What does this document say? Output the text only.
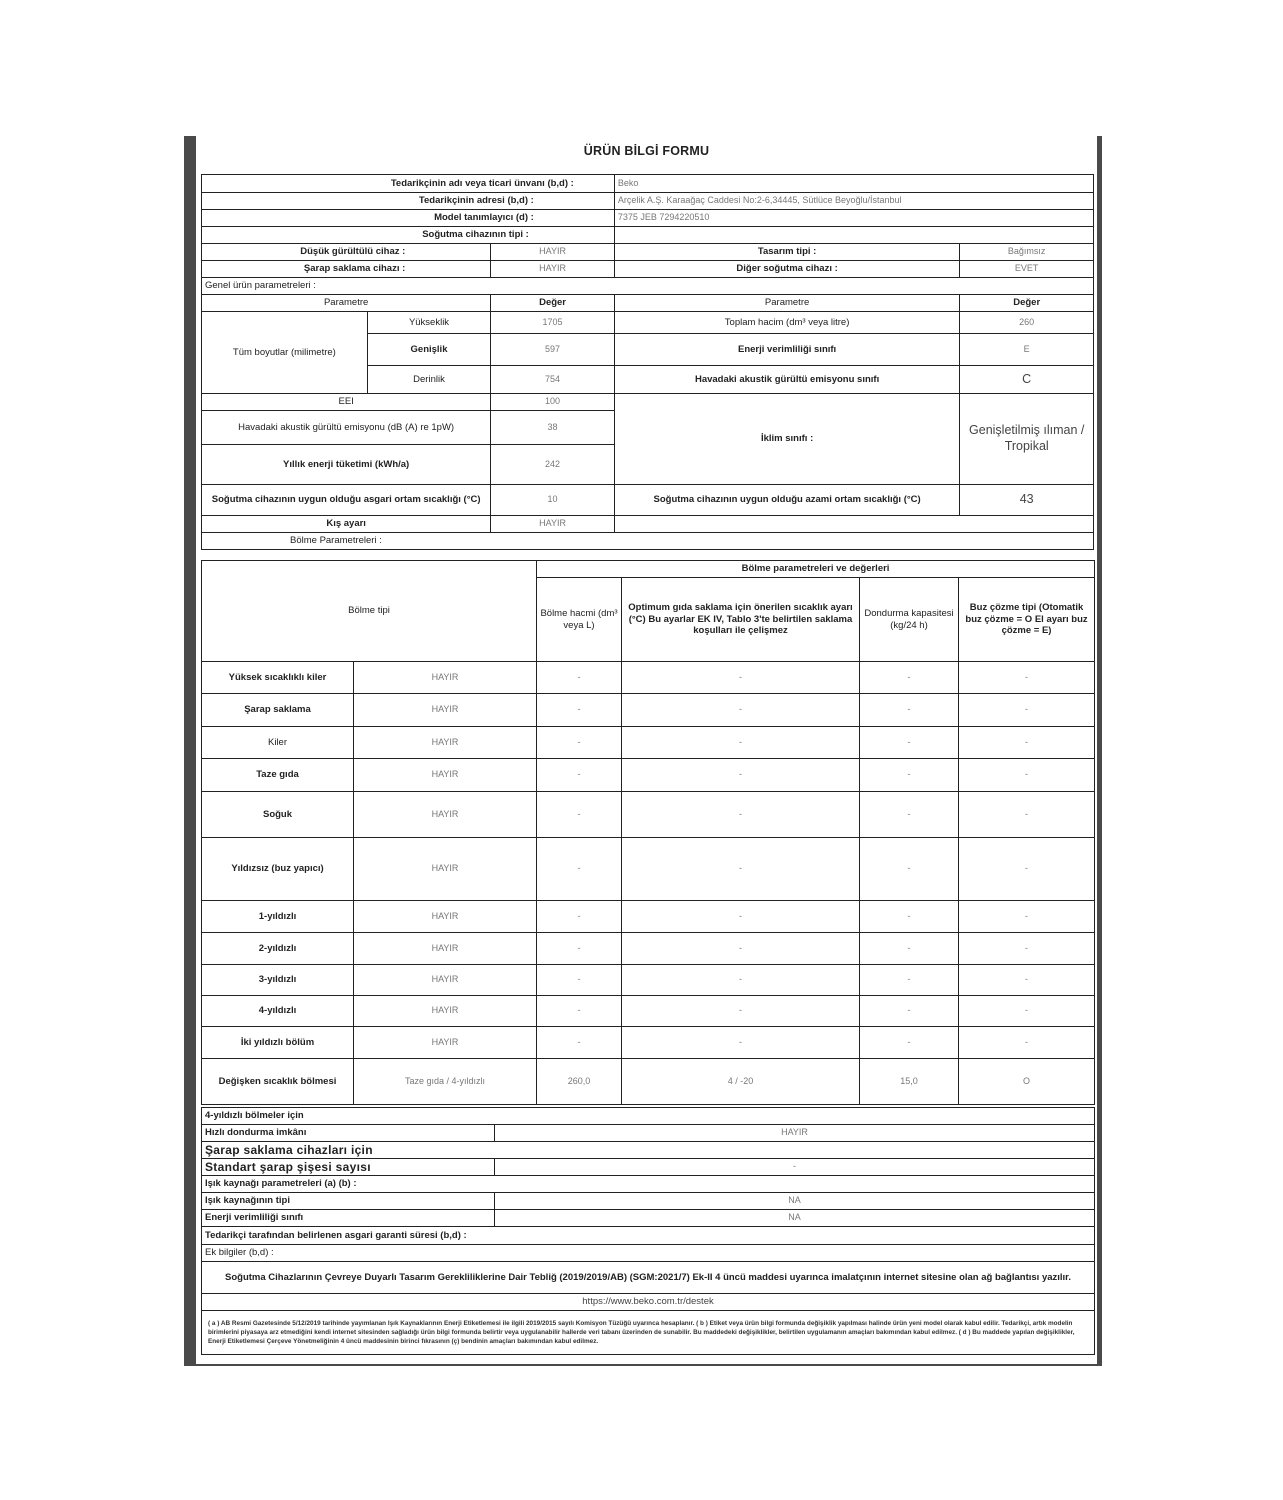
ÜRÜN BİLGİ FORMU
Tedarikçinin adı veya ticari ünvanı (b,d) :			Beko	
Tedarikçinin adresi (b,d) :			Arçelik A.Ş. Karaağaç Caddesi No:2-6,34445, Sütlüce Beyoğlu/İstanbul	
Model tanımlayıcı (d) :			7375 JEB 7294220510	
Soğutma cihazının tipi :				
Düşük gürültülü cihaz :		HAYIR	Tasarım tipi :	Bağımsız
Şarap saklama cihazı :		HAYIR	Diğer soğutma cihazı :	EVET
Genel ürün parametreleri :				
Parametre		Değer	Parametre	Değer
Tüm boyutlar (milimetre)	Yükseklik	1705	Toplam hacim (dm³ veya litre)	260
	Genişlik	597	Enerji verimliliği sınıfı	E
	Derinlik	754	Havadaki akustik gürültü emisyonu sınıfı	C
EEI		100	İklim sınıfı :	Genişletilmiş ılıman / Tropikal
Havadaki akustik gürültü emisyonu (dB (A) re 1pW)		38		
Yıllık enerji tüketimi (kWh/a)		242		
Soğutma cihazının uygun olduğu asgari ortam sıcaklığı (°C)		10	Soğutma cihazının uygun olduğu azami ortam sıcaklığı (°C)	43
Kış ayarı		HAYIR		
Bölme Parametreleri :				
Bölme tipi		Bölme parametreleri ve değerleri			
		Bölme hacmi (dm³ veya L)	Optimum gıda saklama için önerilen sıcaklık ayarı (°C) Bu ayarlar EK IV, Tablo 3'te belirtilen saklama koşulları ile çelişmez	Dondurma kapasitesi (kg/24 h)	Buz çözme tipi (Otomatik buz çözme = O El ayarı buz çözme = E)
Yüksek sıcaklıklı kiler	HAYIR	-	-	-	-
Şarap saklama	HAYIR	-	-	-	-
Kiler	HAYIR	-	-	-	-
Taze gıda	HAYIR	-	-	-	-
Soğuk	HAYIR	-	-	-	-
Yıldızsız (buz yapıcı)	HAYIR	-	-	-	-
1-yıldızlı	HAYIR	-	-	-	-
2-yıldızlı	HAYIR	-	-	-	-
3-yıldızlı	HAYIR	-	-	-	-
4-yıldızlı	HAYIR	-	-	-	-
İki yıldızlı bölüm	HAYIR	-	-	-	-
Değişken sıcaklık bölmesi	Taze gıda / 4-yıldızlı	260,0	4 / -20	15,0	O
4-yıldızlı bölmeler için	
Hızlı dondurma imkânı	HAYIR
Şarap saklama cihazları için	
Standart şarap şişesi sayısı	-
Işık kaynağı parametreleri (a) (b) :	
Işık kaynağının tipi	NA
Enerji verimliliği sınıfı	NA
Tedarikçi tarafından belirlenen asgari garanti süresi (b,d) :	
Ek bilgiler (b,d) :	
Soğutma Cihazlarının Çevreye Duyarlı Tasarım Gerekliliklerine Dair Tebliğ (2019/2019/AB) (SGM:2021/7) Ek-II 4 üncü maddesi uyarınca imalatçının internet sitesine olan ağ bağlantısı yazılır.	
https://www.beko.com.tr/destek	
( a ) AB Resmi Gazetesinde 5/12/2019 tarihinde yayımlanan Işık Kaynaklarının Enerji Etiketlemesi ile ilgili 2019/2015 sayılı Komisyon Tüzüğü uyarınca hesaplanır. ( b ) Etiket veya ürün bilgi formunda değişiklik yapılması halinde ürün yeni model olarak kabul edilir. Tedarikçi, artık modelin birimlerini piyasaya arz etmediğini kendi internet sitesinden sağladığı ürün bilgi formunda belirtir veya uygulanabilir hallerde veri tabanı üzerinden de sunabilir. Bu maddedeki değişiklikler, belirtilen uygulamanın amaçları bakımından kabul edilmez. ( d ) Bu maddede yapılan değişiklikler, Enerji Etiketlemesi Çerçeve Yönetmeliğinin 4 üncü maddesinin birinci fıkrasının (ç) bendinin amaçları bakımından kabul edilmez.	
